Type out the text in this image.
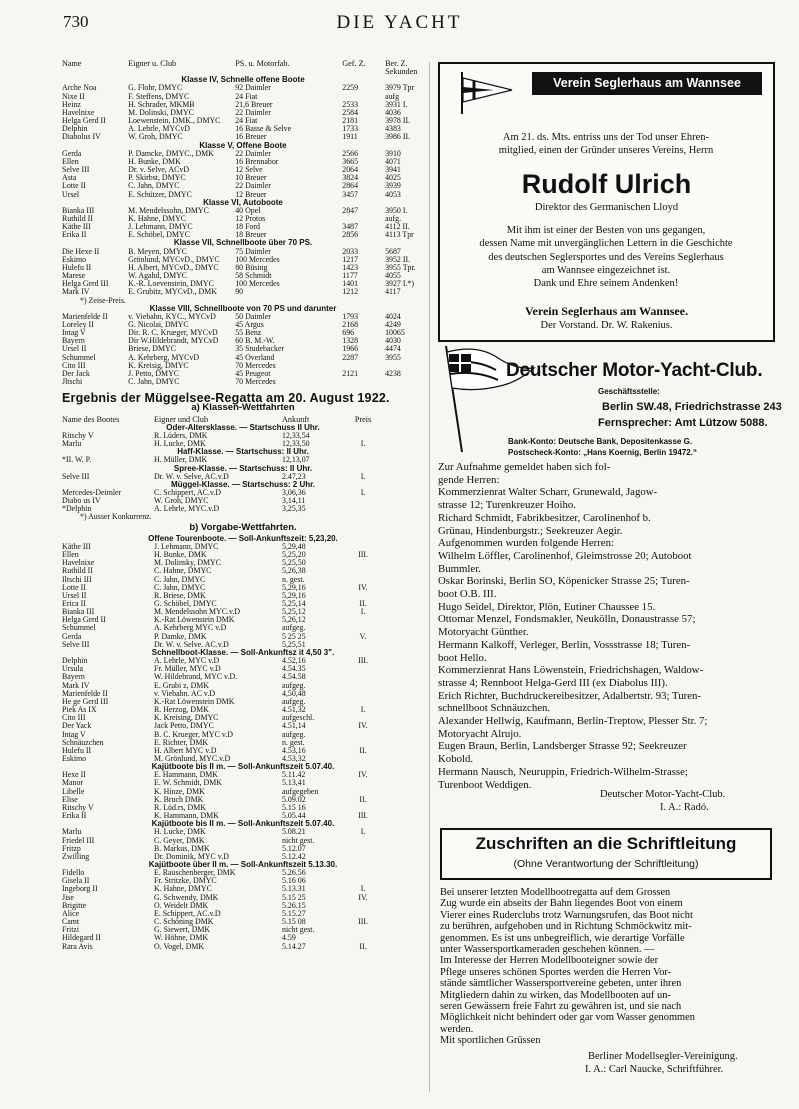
730	DIE YACHT
Name	Eigner u. Club	PS. u. Motorfab.	Gef. Z.	Ber. Z.
Sekunden
Klasse IV, Schnelle offene Boote
Arche Noa	G. Flohr, DMYC	92 Daimler	2259	3979 Tpr
Nixe II	F. Steffens, DMYC	24 Fiat	aufg
Heinz	H. Schrader, MKMB	21,6 Breuer	2533	3931 I.
Havelnixe	M. Dolinski, DMYC	22 Daimler	2584	4036
Helga Gerd II	Loewenstein, DMK., DMYC	24 Fiat	2181	3978 II.
Delphin	A. Lehrle, MYCvD	16 Basse & Selve	1733	4383
Diabolus IV	W. Groh, DMYC	16 Breuer	1911	3986 II.
Klasse V, Offene Boote
Gerda	P. Damcke, DMYC., DMK	22 Daimler	2566	3910
Ellen	H. Bunke, DMK	16 Brennabor	3665	4071
Selve III	Dr. v. Selve, ACvD	12 Selve	2064	3941
Asta	P. Skirbst, DMYC	10 Breuer	3824	4025
Lotte II	C. Jahn, DMYC	22 Daimler	2864	3939
Ursel	E. Schützer, DMYC	12 Breuer	3457	4053
Klasse VI, Autoboote
Bianka III	M. Mendelssohn, DMYC	40 Opel	2847	3950 I.
Ruthild II	K. Hahne, DMYC	12 Protos	aufg.
Käthe III	J. Lehmann, DMYC	18 Ford	3487	4112 II.
Erika II	E. Schöbel, DMYC	18 Breuer	2856	4113 Tpr
Klasse VII, Schnellboote über 70 PS.
Die Hexe II	B. Meyen, DMYC	75 Daimler	2033	5687
Eskimo	Grönlund, MYCvD., DMYC	100 Mercedes	1217	3952 II.
Hulefu II	H. Albert, MYCvD., DMYC	80 Büsing	1423	3955 Tpr.
Marese	W. Agahd, DMYC	58 Schmidt	1177	4055
Helga Gerd III	K.-R. Loevenstein, DMYC	100 Mercedes	1401	3927 I.*)
Mark IV	E. Grubitz, MYCvD., DMK	90	1212	4117
*) Zeise-Preis.
Klasse VIII, Schnellboote von 70 PS und darunter
Marienfelde II	v. Viebahn, KYC., MYCvD	50 Daimler	1793	4024
Loreley II	G. Nicolai, DMYC	45 Argus	2168	4249
Intag V	Dir. R. C. Krueger, MYCvD	55 Benz	696	10065
Bayern	Dir W.Hildebrandt, MYCvD	60 B. M.-W.	1328	4030
Ursel II	Briese, DMYC	35 Studebacker	1966	4474
Schummel	A. Kehrberg, MYCvD	45 Overland	2287	3955
Cito III	K. Kreisig, DMYC	70 Mercedes
Der Jack	J. Petto, DMYC	45 Peugeot	2121	4238
Jltschi	C. Jahn, DMYC	70 Mercedes
Ergebnis der Müggelsee-Regatta am 20. August 1922.
a) Klassen-Wettfahrten
Name des Bootes	Eigner und Club	Ankunft	Preis
Oder-Altersklasse. — Startschuss II Uhr.
Ritschy V	R. Lüders, DMK	12,33,54
Marlu	H. Lucke, DMK	12,33,50	I.
Haff-Klasse. — Startschuss: II Uhr.
*II. W. P.	H. Müller, DMK	12,13,07
Spree-Klasse. — Startschuss: II Uhr.
Selve III	Dr. W. v. Selve, AC.v.D	2.47,23	I.
Müggel-Klasse. — Startschuss: 2 Uhr.
Mercedes-Deimler	C. Schippert, AC.v.D	3,06,36	I.
Diabo us IV	W. Groh, DMYC	3,14,11
*Delphin	A. Lehrle, MYC.v.D	3,25,35
*) Ausser Konkurrenz.
b) Vorgabe-Wettfahrten.
Offene Tourenboote. — Soll-Ankunftszeit: 5,23,20.
Käthe III	J. Lehmann, DMYC	5,29,48
Ellen	H. Bunke, DMK	5,25,20	III.
Havelnixe	M. Dolinsky, DMYC	5,25,50
Ruthild II	C. Hahne, DMYC	5,26,38
Iltschi III	C. Jahn, DMYC	n. gest.
Lotte II	C. Jahn, DMYC	5,29,16	IV.
Ursel II	R. Briese, DMK	5,29,16
Erica II	G. Schöbel, DMYC	5,25,14	II.
Bianka III	M. Mendelssohn MYC.v.D	5,25,12	I.
Helga Gerd II	K.-Rat Löwenstein DMK	5,26,12
Schummel	A. Kehrberg MYC v.D	aufgeg.
Gerda	P. Damke, DMK	5 25 25	V.
Selve III	Dr. W. v. Selve. AC.v.D	5,25,51
Schnellboot-Klasse. — Soll-Ankunftsz it 4,50 3".
Delphin	A. Lehrle, MYC v.D	4.52,16	III.
Ursula	Fr. Müller, MYC v.D	4.54.35
Bayern	W. Hildebrand, MYC v.D.	4.54.58
Mark IV	E. Grubi z, DMK	aufgeg.
Marienfelde II	v. Viebahn. AC v.D	4,50,48
He ge Gerd III	K.-Rat Löwenstein DMK	aufgeg.
Piek As IX	R. Herzog, DMK	4.51,32	I.
Cito III	K. Kreising, DMYC	aufgeschl.
Der Yack	Jack Petto, DMYC	4.51,14	IV.
Intag V	B. C. Krueger, MYC v.D	aufgeg.
Schnäuzchen	E. Richter, DMK	n. gest.
Hulefu II	H. Albert MYC v.D	4.53,16	II.
Eskimo	M. Grönlund, MYC.v.D	4.53,32
Kajütboote bis II m. — Soll-Ankunftszeit 5.07.40.
Hexe II	E. Hammann, DMK	5.11.42	IV.
Manor	E. W. Schmidt, DMK	5.13,41
Libelle	K. Hinze, DMK	aufgegeben
Elise	K. Bruch DMK	5.09.02	II.
Ritschy V	R. Lüd.rs, DMK	5.15 16
Erika II	K. Hammann, DMK	5.05.44	III.
Kajütboote bis II m. — Soll-Ankunftszeit 5.07.40.
Marlu	H. Lucke, DMK	5.08.21	I.
Friedel III	C. Geyer, DMK	nicht gest.
Fritzp	B. Markus, DMK	5.12.07
Zwilling	Dr. Dominik, MYC v.D	5.12.42
Kajütboote über II m. — Soll-Ankunftszeit 5.13.30.
Fidello	E. Rauschenberger, DMK	5.26.56
Gisela II	Fr. Stritzke, DMYC	5.16 06
Ingeborg II	K. Hahne, DMYC	5.13.31	I.
Jise	G. Schwendy, DMK	5.15 25	IV.
Brigitte	O. Weidelt DMK	5.26.15
Alice	E. Schippert, AC.v.D	5.15.27
Camt	C. Schöning DMK	5.15 08	III.
Fritzi	G. Siewert, DMK	nicht gest.
Hildegard II	W. Höhne, DMK	4.59
Rara Avis	O. Vogel, DMK	5.14.27	II.
Verein Seglerhaus am Wannsee
Am 21. ds. Mts. entriss uns der Tod unser Ehren-
mitglied, einen der Gründer unseres Vereins, Herrn
Rudolf Ulrich
Direktor des Germanischen Lloyd
Mit ihm ist einer der Besten von uns gegangen,
dessen Name mit unvergänglichen Lettern in die Geschichte
des deutschen Seglersportes und des Vereins Seglerhaus
am Wannsee eingezeichnet ist.
Dank und Ehre seinem Andenken!
Verein Seglerhaus am Wannsee.
Der Vorstand. Dr. W. Rakenius.
Deutscher Motor-Yacht-Club.
Geschäftsstelle:
Berlin SW.48, Friedrichstrasse 243
Fernsprecher: Amt Lützow 5088.
Bank-Konto: Deutsche Bank, Depositenkasse G.
Postscheck-Konto: „Hans Koernig, Berlin 19472.“
Zur Aufnahme gemeldet haben sich fol-
gende Herren:
Kommerzienrat Walter Scharr, Grunewald, Jagow-
strasse 12; Turenkreuzer Hoiho.
Richard Schmidt, Fabrikbesitzer, Carolinenhof b.
Grünau, Hindenburgstr.; Seekreuzer Aegir.
Aufgenommen wurden folgende Herren:
Wilhelm Löffler, Carolinenhof, Gleimstrosse 20; Autoboot
Bummler.
Oskar Borinski, Berlin SO, Köpenicker Strasse 25; Turen-
boot O.B. III.
Hugo Seidel, Direktor, Plön, Eutiner Chaussee 15.
Ottomar Menzel, Fondsmakler, Neukölln, Donaustrasse 57;
Motoryacht Günther.
Hermann Kalkoff, Verleger, Berlin, Vossstrasse 18; Turen-
boot Hello.
Kommerzienrat Hans Löwenstein, Friedrichshagen, Waldow-
strasse 4; Rennboot Helga-Gerd III (ex Diabolus III).
Erich Richter, Buchdruckereibesitzer, Adalbertstr. 93; Turen-
schnellboot Schnäuzchen.
Alexander Hellwig, Kaufmann, Berlin-Treptow, Plesser Str. 7;
Motoryacht Alrujo.
Eugen Braun, Berlin, Landsberger Strasse 92; Seekreuzer
Kobold.
Hermann Nausch, Neuruppin, Friedrich-Wilhelm-Strasse;
Turenboot Weddigen.
Deutscher Motor-Yacht-Club.
I. A.: Radó.
Zuschriften an die Schriftleitung
(Ohne Verantwortung der Schriftleitung)
Bei unserer letzten Modellbootregatta auf dem Grossen
Zug wurde ein abseits der Bahn liegendes Boot von einem
Vierer eines Ruderclubs trotz Warnungsrufen, das Boot nicht
zu berühren, aufgehoben und in Richtung Schmöckwitz mit-
genommen. Es ist uns unbegreiflich, wie derartige Vorfälle
unter Wassersportkameraden geschehen können. —
Im Interesse der Herren Modellbooteigner sowie der
Pflege unseres schönen Sportes werden die Herren Vor-
stände sämtlicher Wassersportvereine gebeten, unter ihren
Mitgliedern dahin zu wirken, das Modellbooten auf un-
seren Gewässern freie Fahrt zu gewähren ist, und sie nach
Möglichkeit nicht behindert oder gar vom Wasser genommen
werden.
Mit sportlichen Grüssen
Berliner Modellsegler-Vereinigung.
I. A.: Carl Naucke, Schriftführer.
